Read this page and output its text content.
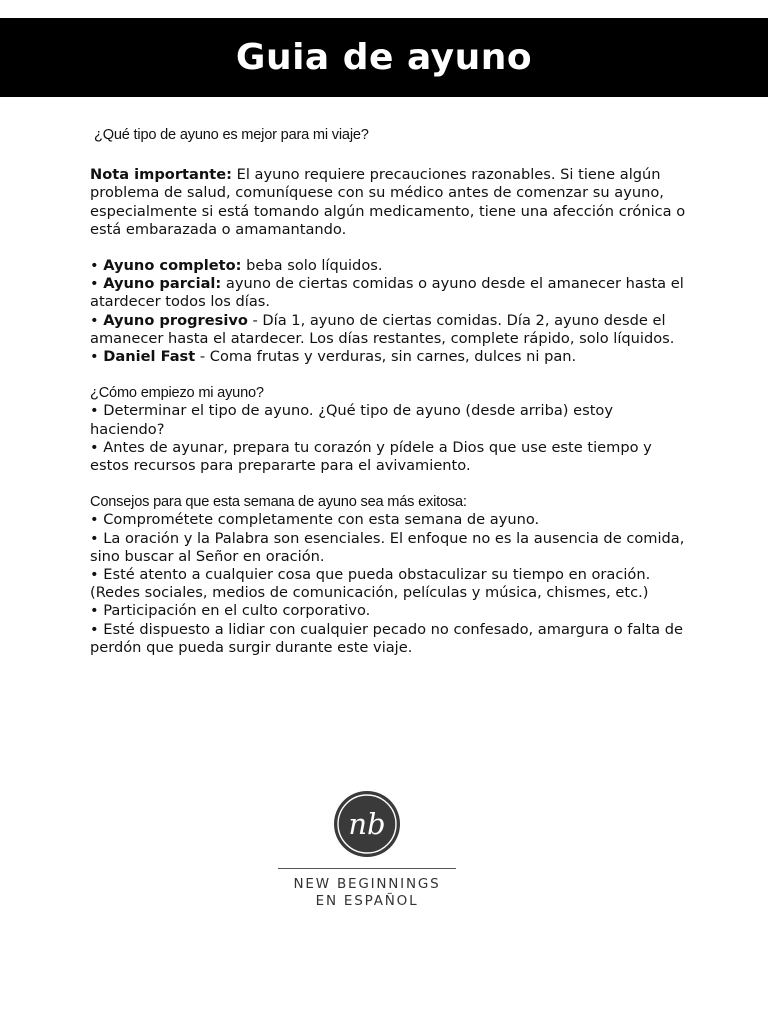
Guia de ayuno

¿Qué tipo de ayuno es mejor para mi viaje?

Nota importante: El ayuno requiere precauciones razonables. Si tiene algún problema de salud, comuníquese con su médico antes de comenzar su ayuno, especialmente si está tomando algún medicamento, tiene una afección crónica o está embarazada o amamantando.

• Ayuno completo: beba solo líquidos.

• Ayuno parcial: ayuno de ciertas comidas o ayuno desde el amanecer hasta el atardecer todos los días.

• Ayuno progresivo - Día 1, ayuno de ciertas comidas. Día 2, ayuno desde el amanecer hasta el atardecer. Los días restantes, complete rápido, solo líquidos.

• Daniel Fast - Coma frutas y verduras, sin carnes, dulces ni pan.

¿Cómo empiezo mi ayuno?

• Determinar el tipo de ayuno. ¿Qué tipo de ayuno (desde arriba) estoy haciendo?

• Antes de ayunar, prepara tu corazón y pídele a Dios que use este tiempo y estos recursos para prepararte para el avivamiento.

Consejos para que esta semana de ayuno sea más exitosa:

• Comprométete completamente con esta semana de ayuno.

• La oración y la Palabra son esenciales. El enfoque no es la ausencia de comida, sino buscar al Señor en oración.

• Esté atento a cualquier cosa que pueda obstaculizar su tiempo en oración. (Redes sociales, medios de comunicación, películas y música, chismes, etc.)

• Participación en el culto corporativo.

• Esté dispuesto a lidiar con cualquier pecado no confesado, amargura o falta de perdón que pueda surgir durante este viaje.

nb
NEW BEGINNINGS
EN ESPAÑOL
